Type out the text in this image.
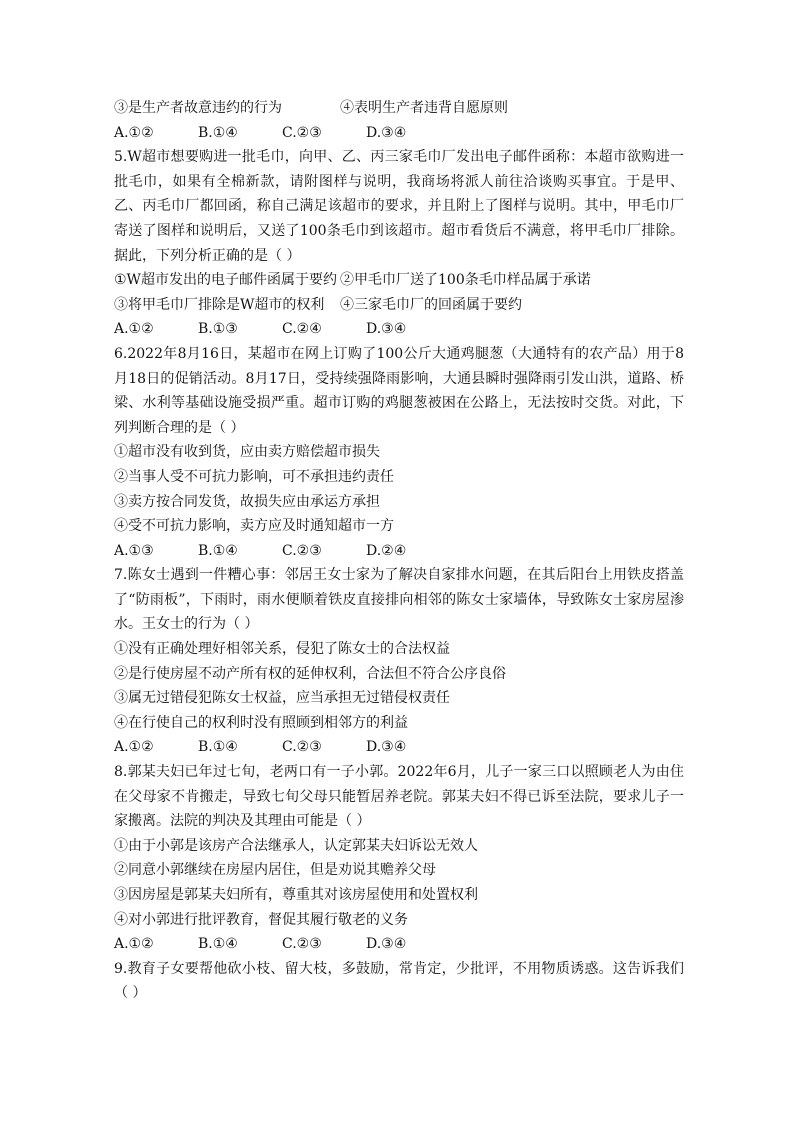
③是生产者故意违约的行为	④表明生产者违背自愿原则
A.①②	B.①④	C.②③	D.③④
5.W超市想要购进一批毛巾，向甲、乙、丙三家毛巾厂发出电子邮件函称：本超市欲购进一批毛巾，如果有全棉新款，请附图样与说明，我商场将派人前往洽谈购买事宜。于是甲、乙、丙毛巾厂都回函，称自己满足该超市的要求，并且附上了图样与说明。其中，甲毛巾厂寄送了图样和说明后，又送了100条毛巾到该超市。超市看货后不满意，将甲毛巾厂排除。据此，下列分析正确的是（ ）
①W超市发出的电子邮件函属于要约 ②甲毛巾厂送了100条毛巾样品属于承诺
③将甲毛巾厂排除是W超市的权利	④三家毛巾厂的回函属于要约
A.①②	B.①③	C.②④	D.③④
6.2022年8月16日，某超市在网上订购了100公斤大通鸡腿葱（大通特有的农产品）用于8月18日的促销活动。8月17日，受持续强降雨影响，大通县瞬时强降雨引发山洪，道路、桥梁、水利等基础设施受损严重。超市订购的鸡腿葱被困在公路上，无法按时交货。对此，下列判断合理的是（ ）
①超市没有收到货，应由卖方赔偿超市损失
②当事人受不可抗力影响，可不承担违约责任
③卖方按合同发货，故损失应由承运方承担
④受不可抗力影响，卖方应及时通知超市一方
A.①③	B.①④	C.②③	D.②④
7.陈女士遇到一件糟心事：邻居王女士家为了解决自家排水问题，在其后阳台上用铁皮搭盖了“防雨板”，下雨时，雨水便顺着铁皮直接排向相邻的陈女士家墙体，导致陈女士家房屋渗水。王女士的行为（ ）
①没有正确处理好相邻关系，侵犯了陈女士的合法权益
②是行使房屋不动产所有权的延伸权利，合法但不符合公序良俗
③属无过错侵犯陈女士权益，应当承担无过错侵权责任
④在行使自己的权利时没有照顾到相邻方的利益
A.①②	B.①④	C.②③	D.③④
8.郭某夫妇已年过七旬，老两口有一子小郭。2022年6月，儿子一家三口以照顾老人为由住在父母家不肯搬走，导致七旬父母只能暂居养老院。郭某夫妇不得已诉至法院，要求儿子一家搬离。法院的判决及其理由可能是（ ）
①由于小郭是该房产合法继承人，认定郭某夫妇诉讼无效人
②同意小郭继续在房屋内居住，但是劝说其赡养父母
③因房屋是郭某夫妇所有，尊重其对该房屋使用和处置权利
④对小郭进行批评教育，督促其履行敬老的义务
A.①②	B.①④	C.②③	D.③④
9.教育子女要帮他砍小枝、留大枝，多鼓励，常肯定，少批评，不用物质诱惑。这告诉我们（ ）
